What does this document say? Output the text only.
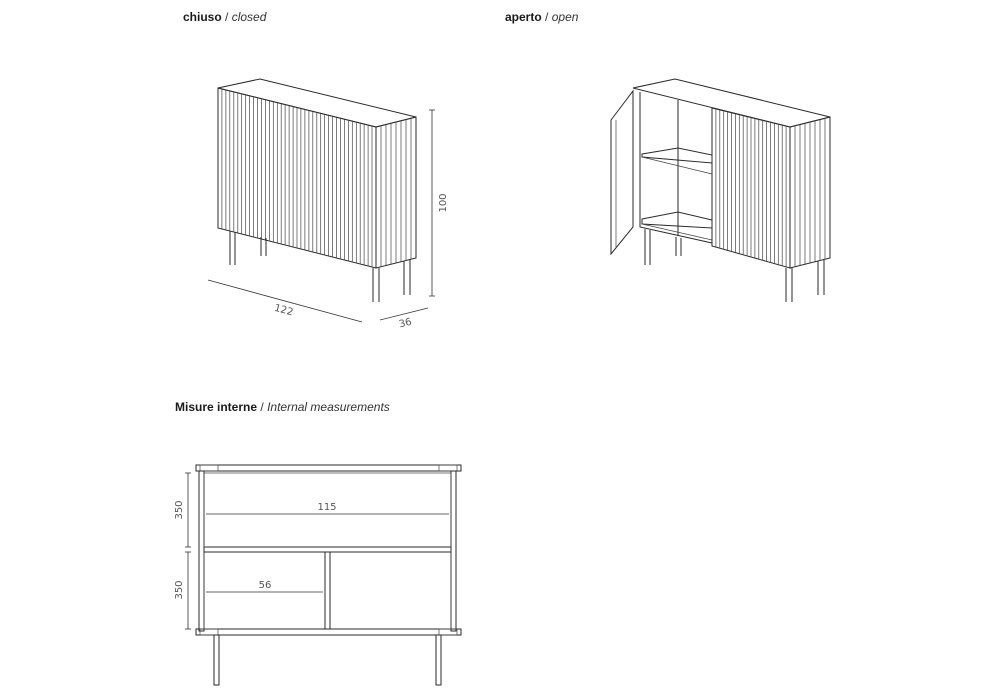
chiuso / closed	aperto / open
Misure interne / Internal measurements
100
122
36
115
56
350
350
